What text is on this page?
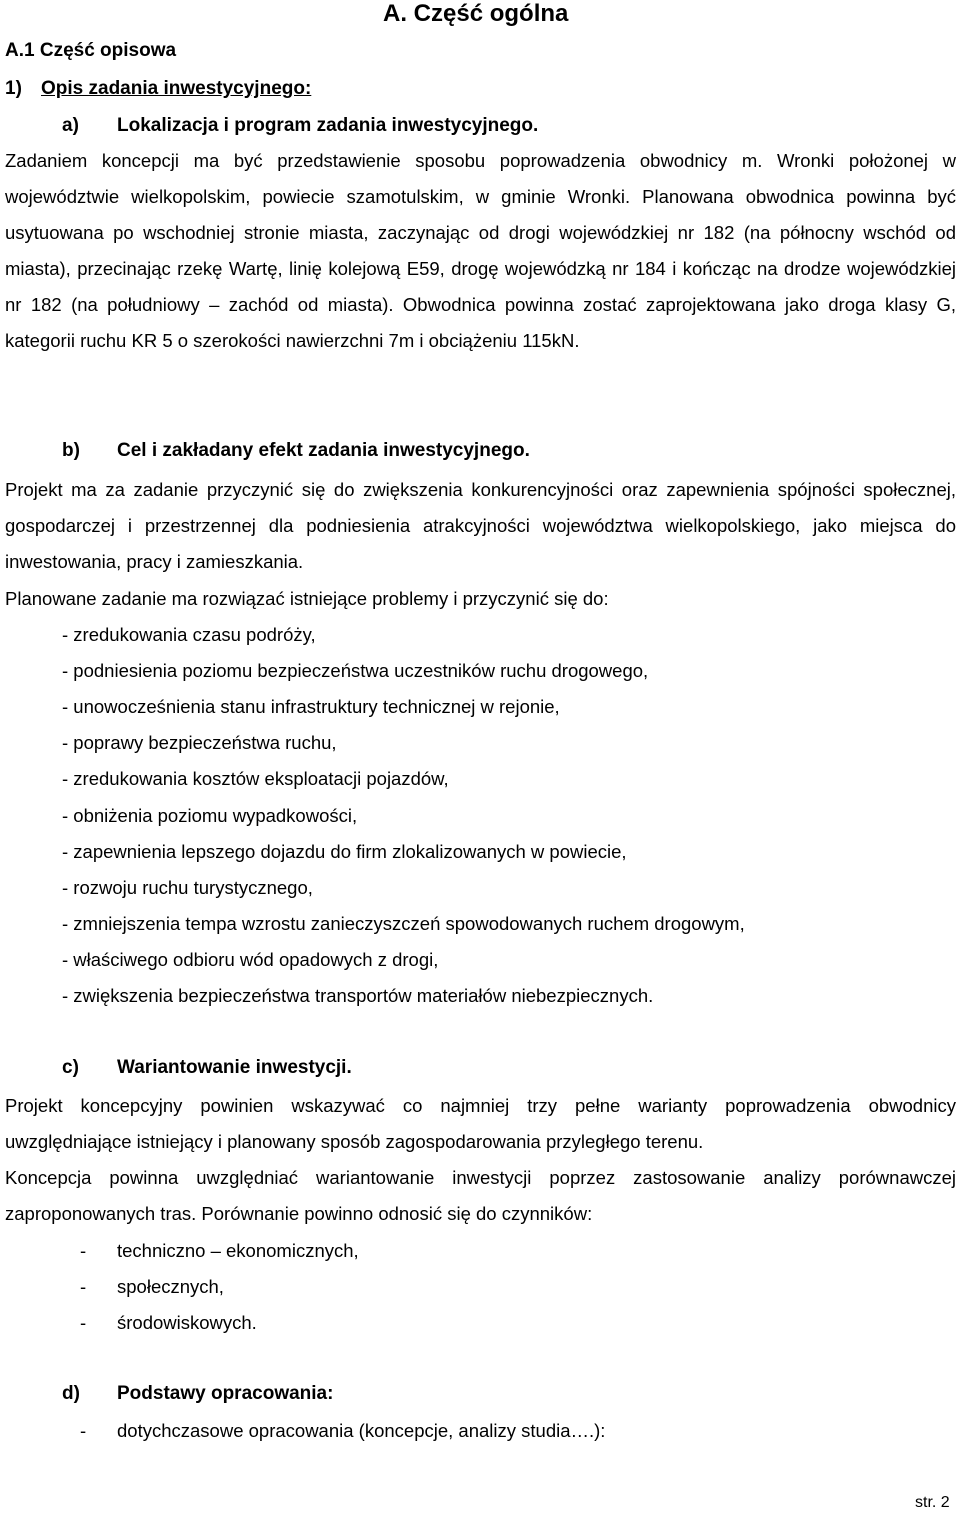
A. Część ogólna
A.1 Część opisowa
1) Opis zadania inwestycyjnego:
a) Lokalizacja i program zadania inwestycyjnego.
Zadaniem koncepcji ma być przedstawienie sposobu poprowadzenia obwodnicy m. Wronki położonej w województwie wielkopolskim, powiecie szamotulskim, w gminie Wronki. Planowana obwodnica powinna być usytuowana po wschodniej stronie miasta, zaczynając od drogi wojewódzkiej nr 182 (na północny wschód od miasta), przecinając rzekę Wartę, linię kolejową E59, drogę wojewódzką nr 184 i kończąc na drodze wojewódzkiej nr 182 (na południowy – zachód od miasta). Obwodnica powinna zostać zaprojektowana jako droga klasy G, kategorii ruchu KR 5 o szerokości nawierzchni 7m i obciążeniu 115kN.
b) Cel i zakładany efekt zadania inwestycyjnego.
Projekt ma za zadanie przyczynić się do zwiększenia konkurencyjności oraz zapewnienia spójności społecznej, gospodarczej i przestrzennej dla podniesienia atrakcyjności województwa wielkopolskiego, jako miejsca do inwestowania, pracy i zamieszkania.
Planowane zadanie ma rozwiązać istniejące problemy i przyczynić się do:
- zredukowania czasu podróży,
- podniesienia poziomu bezpieczeństwa uczestników ruchu drogowego,
- unowocześnienia stanu infrastruktury technicznej w rejonie,
- poprawy bezpieczeństwa ruchu,
- zredukowania kosztów eksploatacji pojazdów,
- obniżenia poziomu wypadkowości,
- zapewnienia lepszego dojazdu do firm zlokalizowanych w powiecie,
- rozwoju ruchu turystycznego,
- zmniejszenia tempa wzrostu zanieczyszczeń spowodowanych ruchem drogowym,
- właściwego odbioru wód opadowych z drogi,
- zwiększenia bezpieczeństwa transportów materiałów niebezpiecznych.
c) Wariantowanie inwestycji.
Projekt koncepcyjny powinien wskazywać co najmniej trzy pełne warianty poprowadzenia obwodnicy uwzględniające istniejący i planowany sposób zagospodarowania przyległego terenu.
Koncepcja powinna uwzględniać wariantowanie inwestycji poprzez zastosowanie analizy porównawczej zaproponowanych tras. Porównanie powinno odnosić się do czynników:
- techniczno – ekonomicznych,
- społecznych,
- środowiskowych.
d) Podstawy opracowania:
- dotychczasowe opracowania (koncepcje, analizy studia….):
str. 2
